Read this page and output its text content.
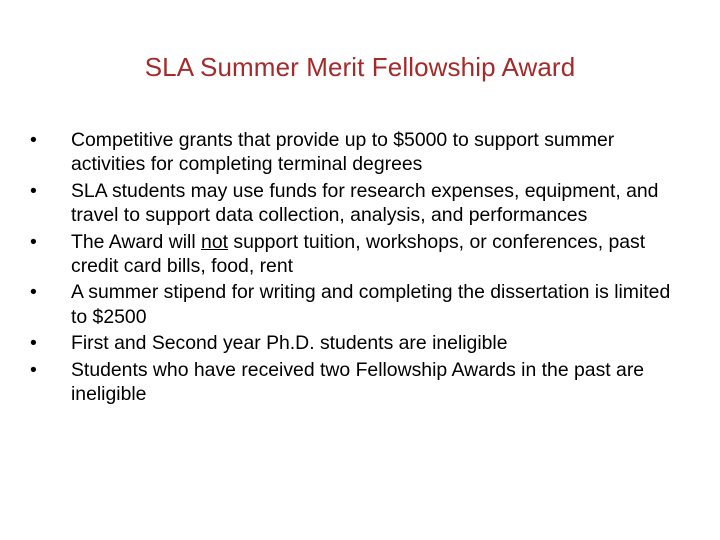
SLA Summer Merit Fellowship Award
•	Competitive grants that provide up to $5000 to support summer activities for completing terminal degrees
•	SLA students may use funds for research expenses, equipment, and travel to support data collection, analysis, and performances
•	The Award will not support tuition, workshops, or conferences, past credit card bills, food, rent
•	A summer stipend for writing and completing the dissertation is limited to $2500
•	First and Second year Ph.D. students are ineligible
•	Students who have received two Fellowship Awards in the past are ineligible
